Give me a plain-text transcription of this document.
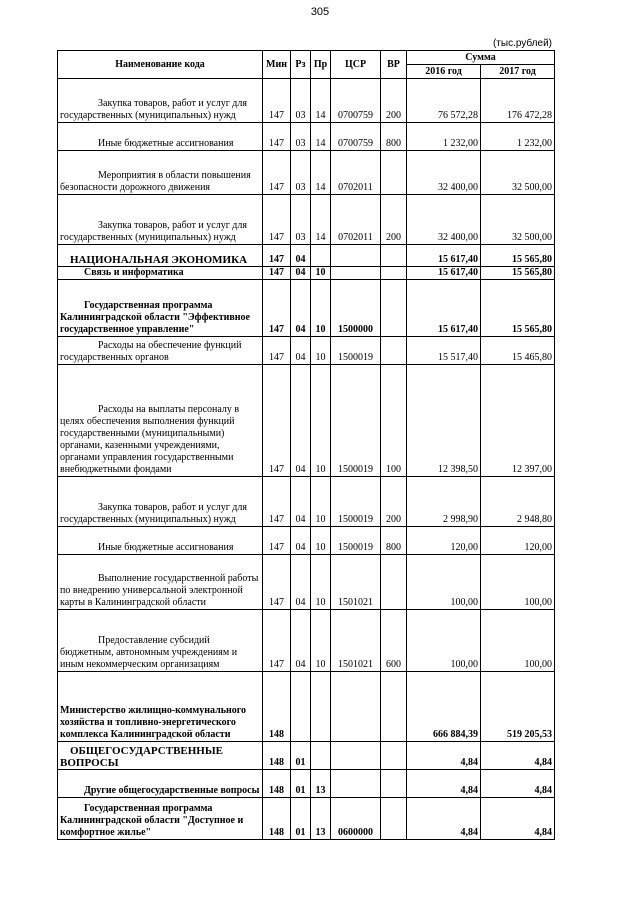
305
(тыс.рублей)
Наименование кода	Мин	Рз	Пр	ЦСР	ВР	Сумма	
						2016 год	2017 год
Закупка товаров, работ и услуг для государственных (муниципальных) нужд	147	03	14	0700759	200	76 572,28	176 472,28
Иные бюджетные ассигнования	147	03	14	0700759	800	1 232,00	1 232,00
Мероприятия в области повышения безопасности дорожного движения	147	03	14	0702011		32 400,00	32 500,00
Закупка товаров, работ и услуг для государственных (муниципальных) нужд	147	03	14	0702011	200	32 400,00	32 500,00
НАЦИОНАЛЬНАЯ ЭКОНОМИКА	147	04				15 617,40	15 565,80
Связь и информатика	147	04	10			15 617,40	15 565,80
Государственная программа Калининградской области "Эффективное государственное управление"	147	04	10	1500000		15 617,40	15 565,80
Расходы на обеспечение функций государственных органов	147	04	10	1500019		15 517,40	15 465,80
Расходы на выплаты персоналу в целях обеспечения выполнения функций государственными (муниципальными) органами, казенными учреждениями, органами управления государственными внебюджетными фондами	147	04	10	1500019	100	12 398,50	12 397,00
Закупка товаров, работ и услуг для государственных (муниципальных) нужд	147	04	10	1500019	200	2 998,90	2 948,80
Иные бюджетные ассигнования	147	04	10	1500019	800	120,00	120,00
Выполнение государственной работы по внедрению универсальной электронной карты в Калининградской области	147	04	10	1501021		100,00	100,00
Предоставление субсидий бюджетным, автономным учреждениям и иным некоммерческим организациям	147	04	10	1501021	600	100,00	100,00
Министерство жилищно-коммунального хозяйства и топливно-энергетического комплекса Калининградской области	148					666 884,39	519 205,53
ОБЩЕГОСУДАРСТВЕННЫЕ ВОПРОСЫ	148	01				4,84	4,84
Другие общегосударственные вопросы	148	01	13			4,84	4,84
Государственная программа Калининградской области "Доступное и комфортное жилье"	148	01	13	0600000		4,84	4,84
